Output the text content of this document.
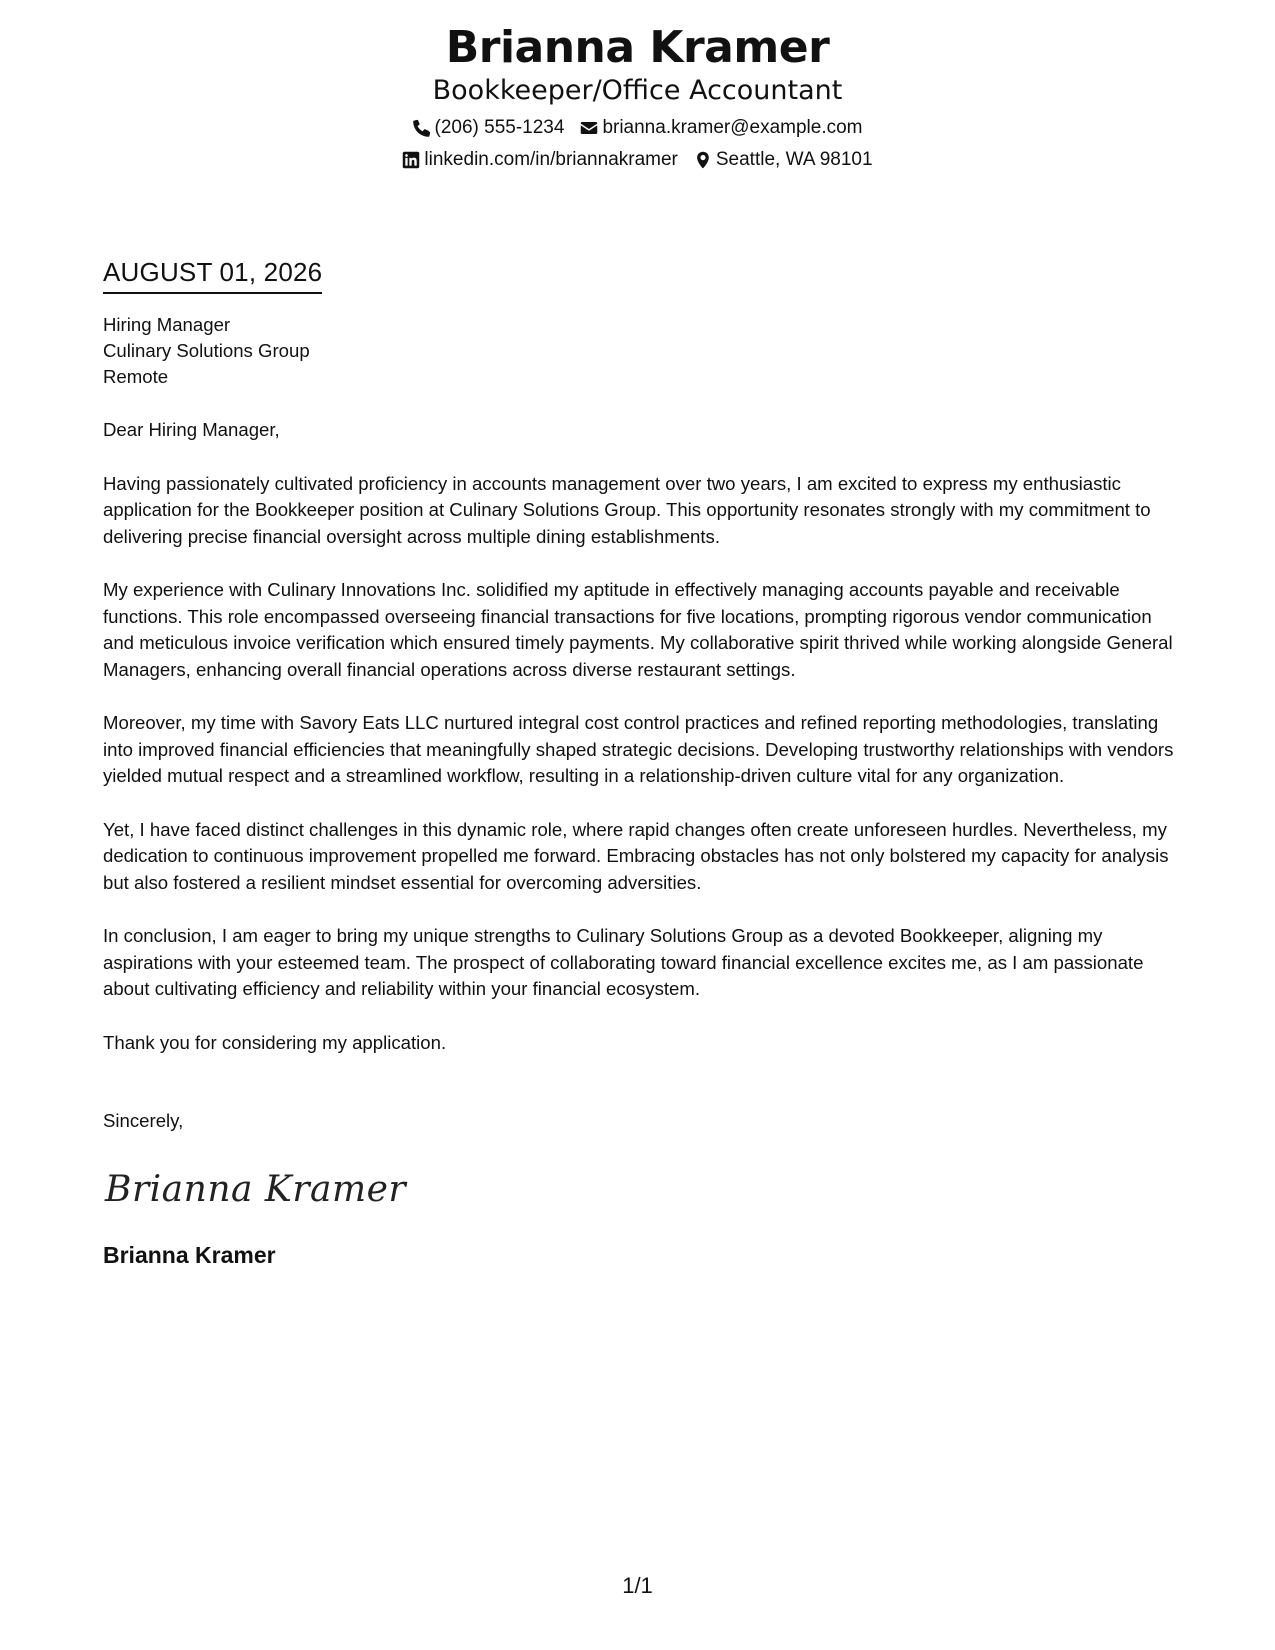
Brianna Kramer
Bookkeeper/Office Accountant
(206) 555-1234 brianna.kramer@example.com
linkedin.com/in/briannakramer Seattle, WA 98101
AUGUST 01, 2026
Hiring Manager
Culinary Solutions Group
Remote
Dear Hiring Manager,

Having passionately cultivated proficiency in accounts management over two years, I am excited to express my enthusiastic application for the Bookkeeper position at Culinary Solutions Group. This opportunity resonates strongly with my commitment to delivering precise financial oversight across multiple dining establishments.

My experience with Culinary Innovations Inc. solidified my aptitude in effectively managing accounts payable and receivable functions. This role encompassed overseeing financial transactions for five locations, prompting rigorous vendor communication and meticulous invoice verification which ensured timely payments. My collaborative spirit thrived while working alongside General Managers, enhancing overall financial operations across diverse restaurant settings.

Moreover, my time with Savory Eats LLC nurtured integral cost control practices and refined reporting methodologies, translating into improved financial efficiencies that meaningfully shaped strategic decisions. Developing trustworthy relationships with vendors yielded mutual respect and a streamlined workflow, resulting in a relationship-driven culture vital for any organization.

Yet, I have faced distinct challenges in this dynamic role, where rapid changes often create unforeseen hurdles. Nevertheless, my dedication to continuous improvement propelled me forward. Embracing obstacles has not only bolstered my capacity for analysis but also fostered a resilient mindset essential for overcoming adversities.

In conclusion, I am eager to bring my unique strengths to Culinary Solutions Group as a devoted Bookkeeper, aligning my aspirations with your esteemed team. The prospect of collaborating toward financial excellence excites me, as I am passionate about cultivating efficiency and reliability within your financial ecosystem.

Thank you for considering my application.

Sincerely,
Brianna Kramer
Brianna Kramer
1/1
